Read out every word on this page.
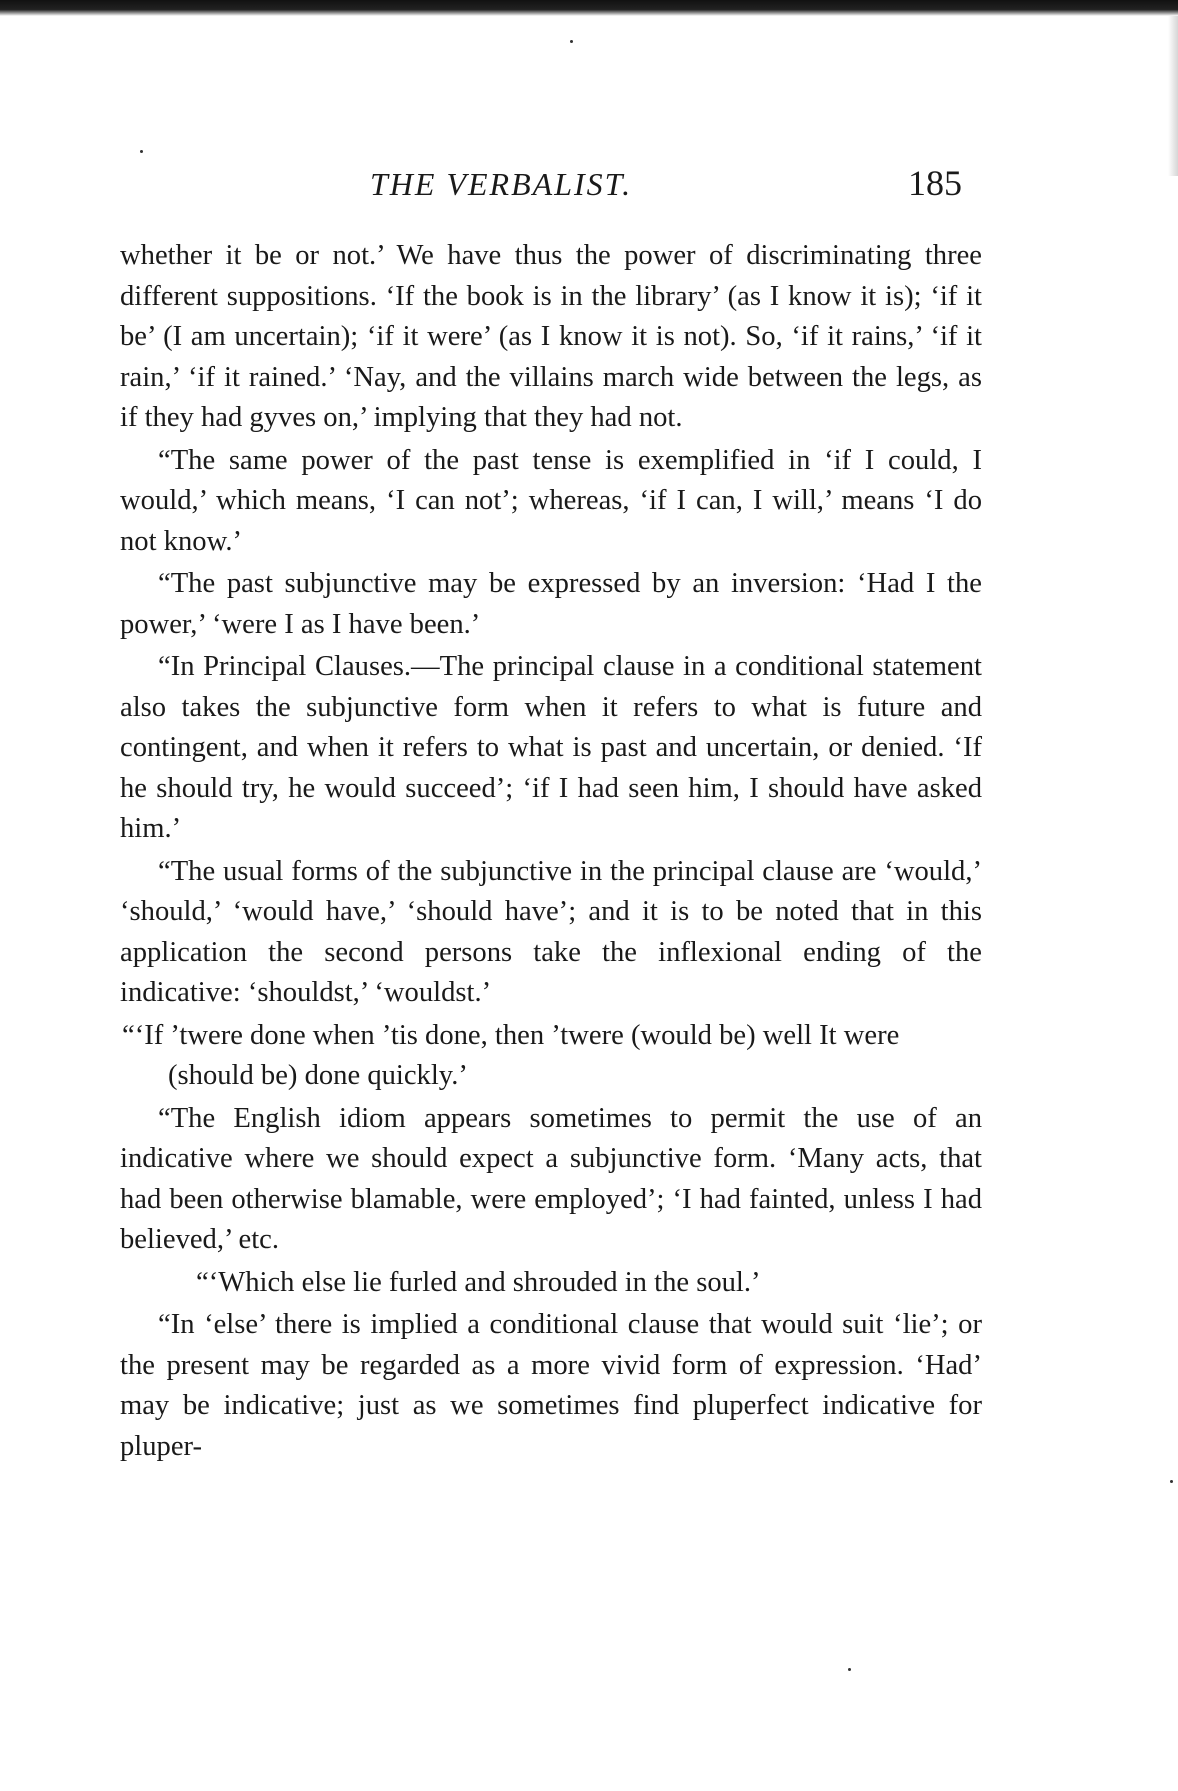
THE VERBALIST.	185

whether it be or not.’ We have thus the power of discriminating three different suppositions. ‘If the book is in the library’ (as I know it is); ‘if it be’ (I am uncertain); ‘if it were’ (as I know it is not). So, ‘if it rains,’ ‘if it rain,’ ‘if it rained.’ ‘Nay, and the villains march wide between the legs, as if they had gyves on,’ implying that they had not.

“The same power of the past tense is exemplified in ‘if I could, I would,’ which means, ‘I can not’; whereas, ‘if I can, I will,’ means ‘I do not know.’

“The past subjunctive may be expressed by an inversion: ‘Had I the power,’ ‘were I as I have been.’

“In Principal Clauses.—The principal clause in a conditional statement also takes the subjunctive form when it refers to what is future and contingent, and when it refers to what is past and uncertain, or denied. ‘If he should try, he would succeed’; ‘if I had seen him, I should have asked him.’

“The usual forms of the subjunctive in the principal clause are ‘would,’ ‘should,’ ‘would have,’ ‘should have’; and it is to be noted that in this application the second persons take the inflexional ending of the indicative: ‘shouldst,’ ‘wouldst.’

“‘If ’twere done when ’tis done, then ’twere (would be) well It were (should be) done quickly.’

“The English idiom appears sometimes to permit the use of an indicative where we should expect a subjunctive form. ‘Many acts, that had been otherwise blamable, were employed’; ‘I had fainted, unless I had believed,’ etc.

“‘Which else lie furled and shrouded in the soul.’

“In ‘else’ there is implied a conditional clause that would suit ‘lie’; or the present may be regarded as a more vivid form of expression. ‘Had’ may be indicative; just as we sometimes find pluperfect indicative for pluper-
